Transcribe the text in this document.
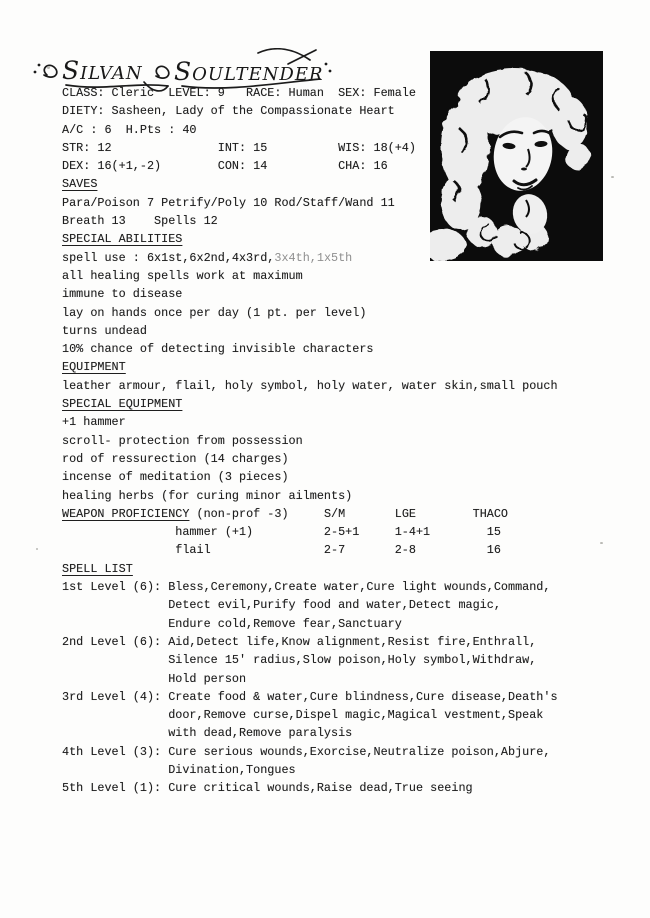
Silvan Soultender
CLASS: Cleric  LEVEL: 9   RACE: Human  SEX: Female
DIETY: Sasheen, Lady of the Compassionate Heart
A/C : 6  H.Pts : 40
STR: 12               INT: 15          WIS: 18(+4)
DEX: 16(+1,-2)        CON: 14          CHA: 16
SAVES
Para/Poison 7 Petrify/Poly 10 Rod/Staff/Wand 11
Breath 13    Spells 12
SPECIAL ABILITIES
spell use : 6x1st,6x2nd,4x3rd,3x4th,1x5th
all healing spells work at maximum
immune to disease
lay on hands once per day (1 pt. per level)
turns undead
10% chance of detecting invisible characters
EQUIPMENT
leather armour, flail, holy symbol, holy water, water skin,small pouch
SPECIAL EQUIPMENT
+1 hammer
scroll- protection from possession
rod of ressurection (14 charges)
incense of meditation (3 pieces)
healing herbs (for curing minor ailments)
WEAPON PROFICIENCY (non-prof -3)     S/M       LGE        THACO
hammer (+1)          2-5+1     1-4+1        15
flail                2-7       2-8          16
SPELL LIST
1st Level (6): Bless,Ceremony,Create water,Cure light wounds,Command,
Detect evil,Purify food and water,Detect magic,
Endure cold,Remove fear,Sanctuary
2nd Level (6): Aid,Detect life,Know alignment,Resist fire,Enthrall,
Silence 15' radius,Slow poison,Holy symbol,Withdraw,
Hold person
3rd Level (4): Create food & water,Cure blindness,Cure disease,Death's
door,Remove curse,Dispel magic,Magical vestment,Speak
with dead,Remove paralysis
4th Level (3): Cure serious wounds,Exorcise,Neutralize poison,Abjure,
Divination,Tongues
5th Level (1): Cure critical wounds,Raise dead,True seeing
